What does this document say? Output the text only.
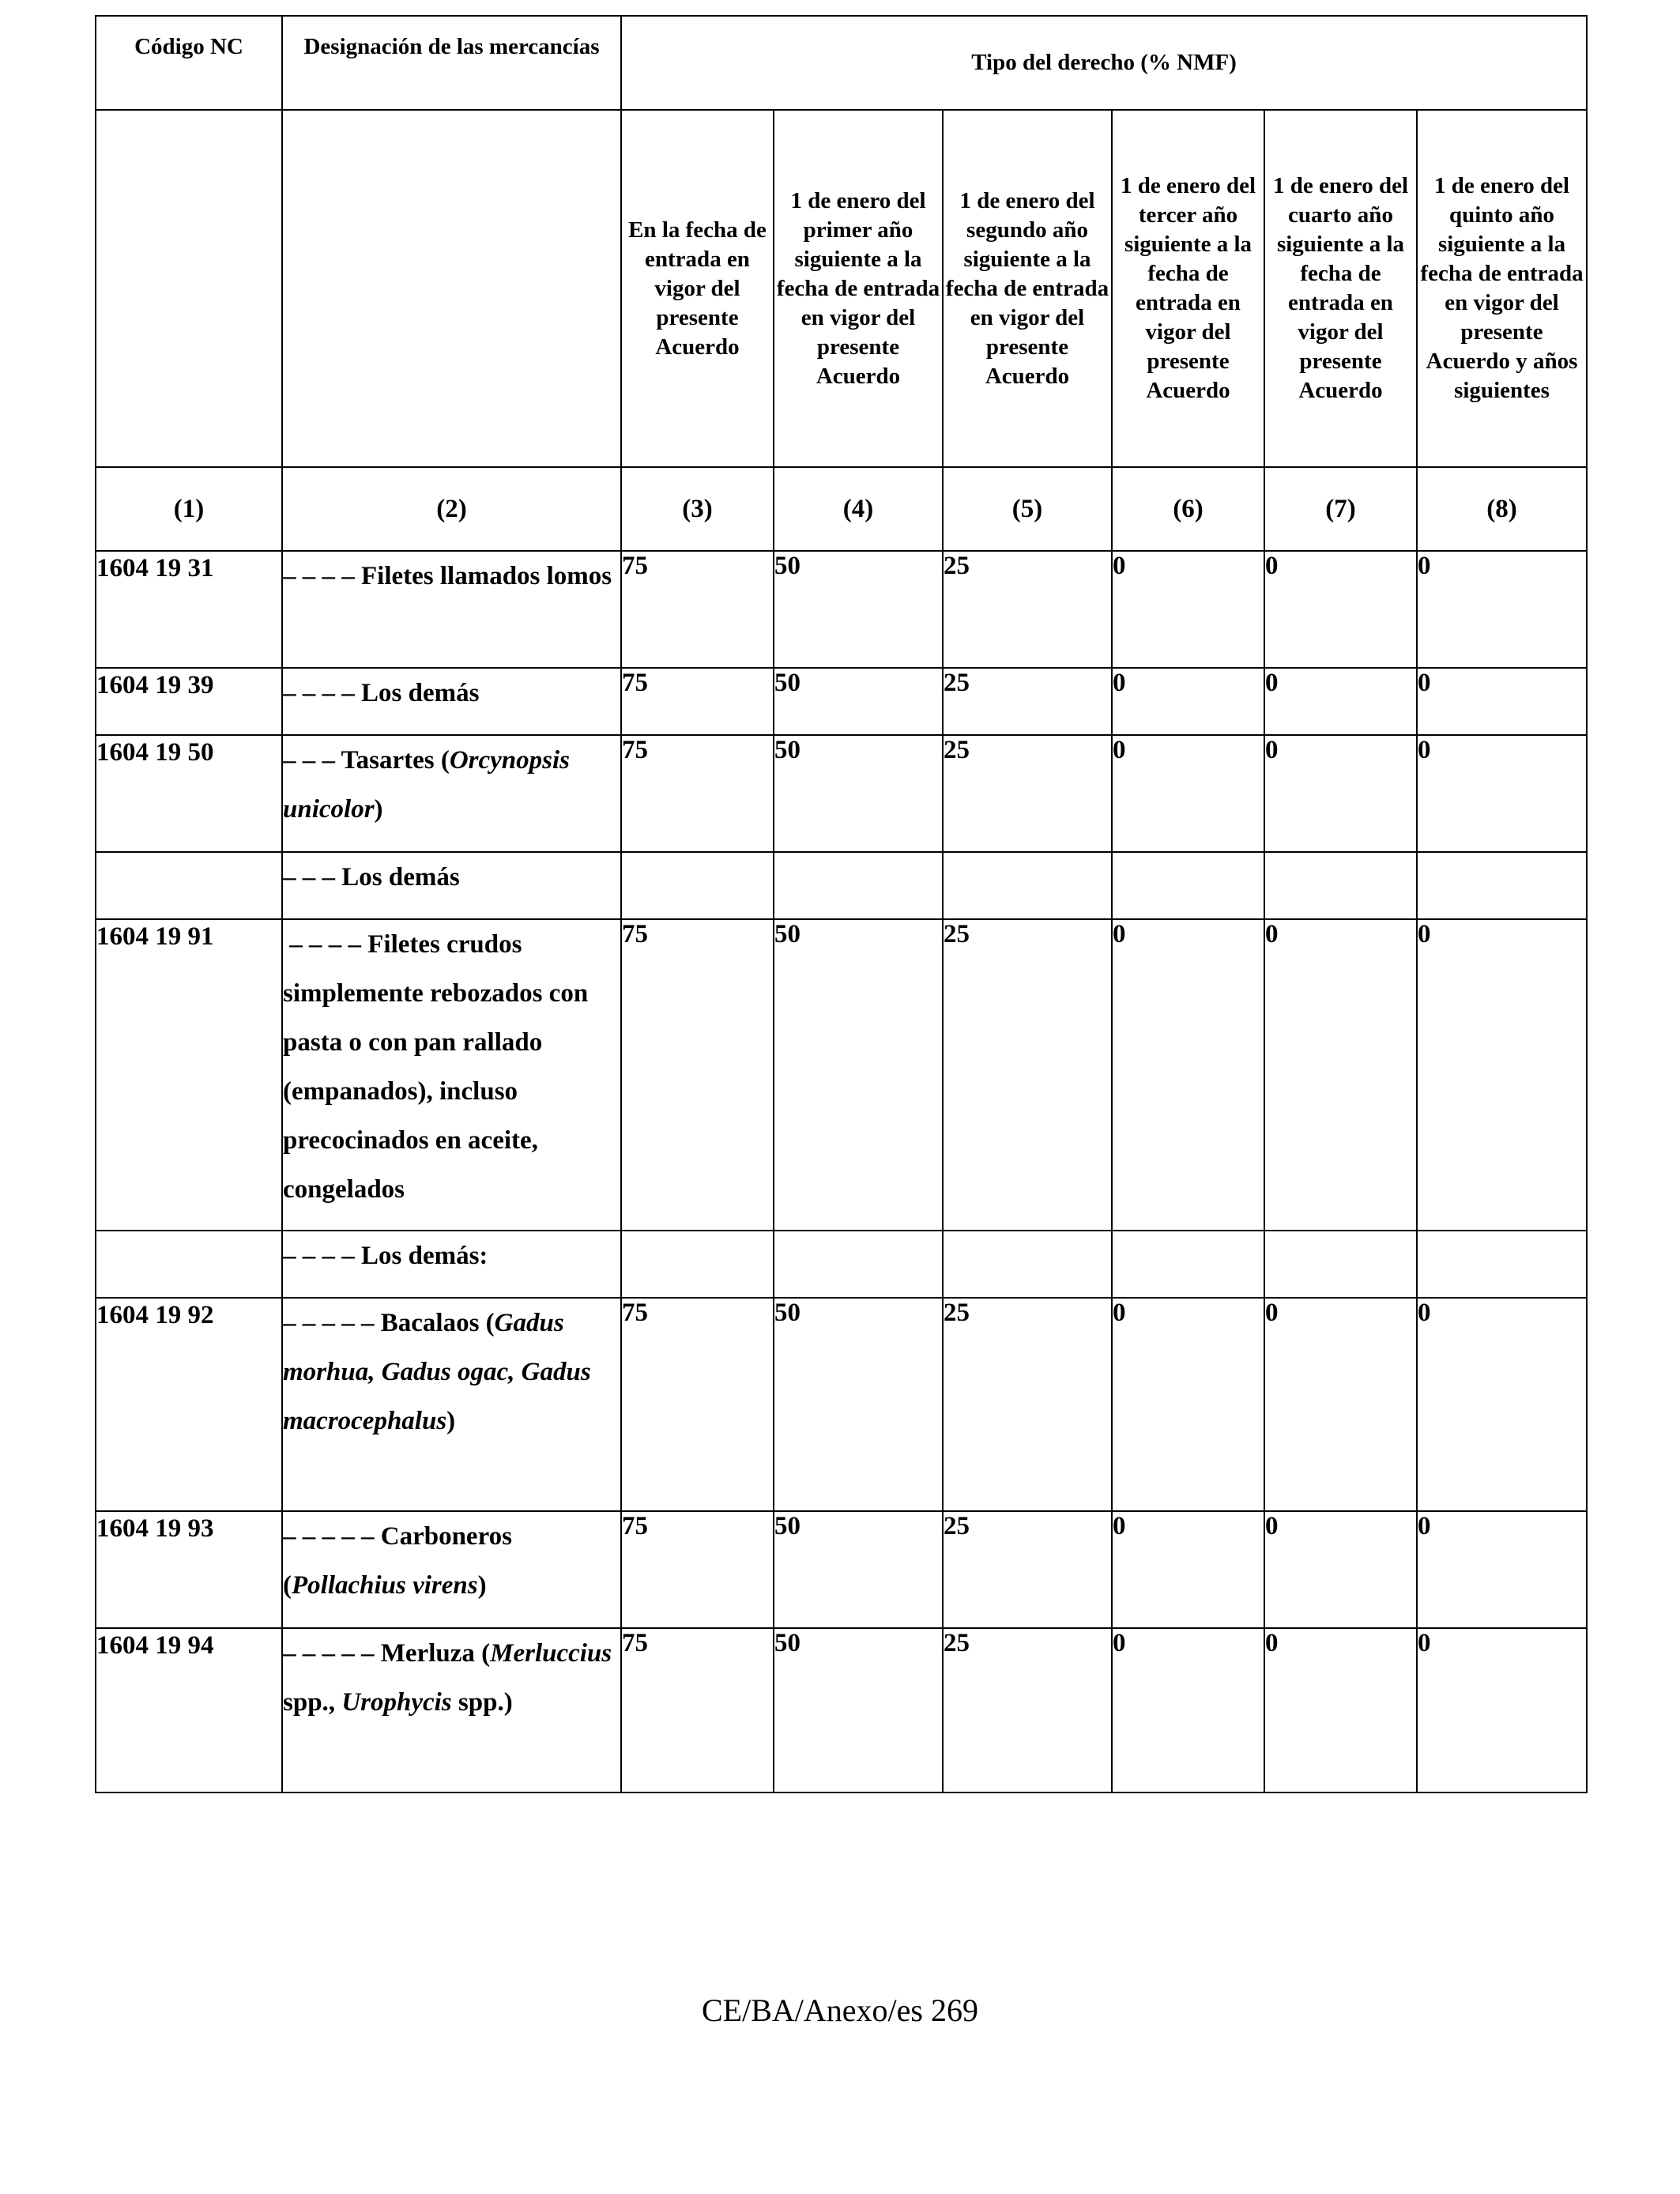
Código NC	Designación de las mercancías	Tipo del derecho (% NMF)					
		En la fecha de entrada en vigor del presente Acuerdo	1 de enero del primer año siguiente a la fecha de entrada en vigor del presente Acuerdo	1 de enero del segundo año siguiente a la fecha de entrada en vigor del presente Acuerdo	1 de enero del tercer año siguiente a la fecha de entrada en vigor del presente Acuerdo	1 de enero del cuarto año siguiente a la fecha de entrada en vigor del presente Acuerdo	1 de enero del quinto año siguiente a la fecha de entrada en vigor del presente Acuerdo y años siguientes
(1)	(2)	(3)	(4)	(5)	(6)	(7)	(8)
1604 19 31	– – – – Filetes llamados lomos	75	50	25	0	0	0
1604 19 39	– – – – Los demás	75	50	25	0	0	0
1604 19 50	– – – Tasartes (Orcynopsis unicolor)	75	50	25	0	0	0
	– – – Los demás						
1604 19 91	– – – – Filetes crudos simplemente rebozados con pasta o con pan rallado (empanados), incluso precocinados en aceite, congelados	75	50	25	0	0	0
	– – – – Los demás:						
1604 19 92	– – – – – Bacalaos (Gadus morhua, Gadus ogac, Gadus macrocephalus)	75	50	25	0	0	0
1604 19 93	– – – – – Carboneros (Pollachius virens)	75	50	25	0	0	0
1604 19 94	– – – – – Merluza (Merluccius spp., Urophycis spp.)	75	50	25	0	0	0
CE/BA/Anexo/es 269
